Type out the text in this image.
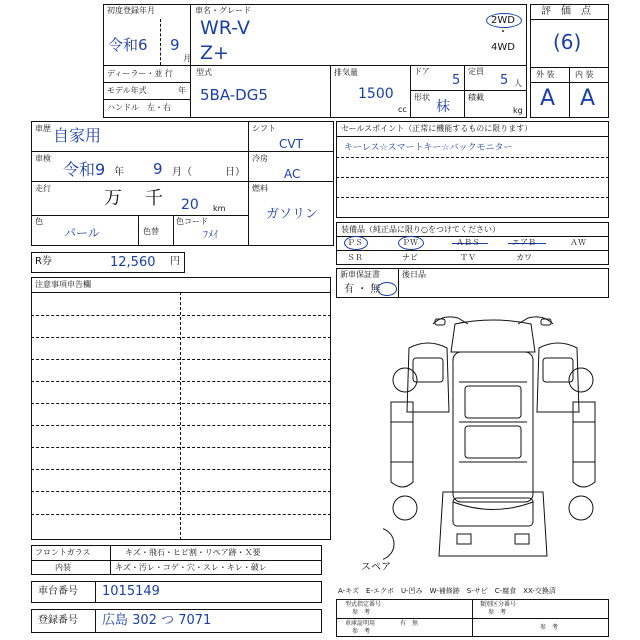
初度登録年月
令和6 9
月
車名・グレード
WR-V
Z+
2WD
・
4WD
ディーラー・並 行
モデル年式	年
ハンドル　左・右
型式
5BA-DG5
排気量
1500
cc
ドア
5
定員
5 人
形状
枺
積載
kg
評　価　点
(6)
外 装	内 装
A A
車歴 自家用
車検
令和9 年 9 月（	日）
走行	万 千 20 km
色
パール	色替
色コード
ﾌﾒｲ
シフト
CVT
冷房
AC
燃料
ガソリン
R券	12,560 円
注意事項申告欄
セールスポイント（正常に機能するものに限ります）
キーレス☆スマートキー☆バックモニター
装備品（純正品に限り○をつけてください）
ＰＳ	ＰＷ	ＡＢＳ	エアＢ	ＡＷ
ＳＲ	ナビ	ＴＶ	カワ
新車保証書
有 ・ 無
後日品
スペア
フロントガラス	キズ・飛石・ヒビ割・リペア跡・Ｘ要
内装	キズ・汚レ・コゲ・穴・スレ・キレ・破レ
車台番号 1015149
登録番号 広島 302 つ 7071
A-キズ　E-エクボ　U-凹み　W-補修跡　S-サビ　C-腐食　XX-交換済
型式指定番号
参　考
類別区分番号
参　考
車庫証明用	有　無
参　考
参　考
